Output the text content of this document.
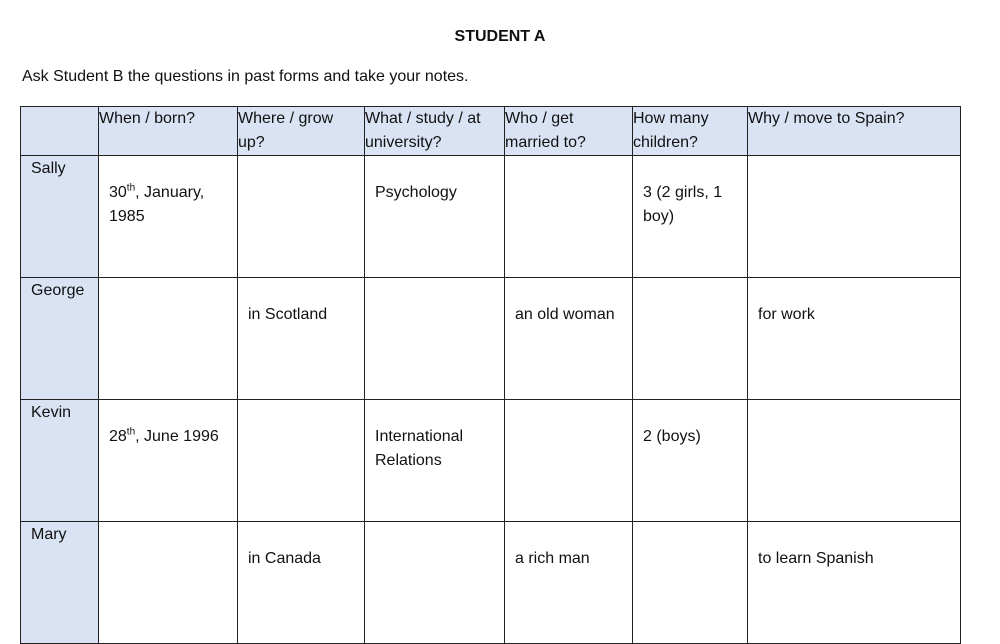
STUDENT A
Ask Student B the questions in past forms and take your notes.
	When / born?	Where / grow up?	What / study / at university?	Who / get married to?	How many children?	Why / move to Spain?
Sally	30th, January, 1985		Psychology		3 (2 girls, 1 boy)	
George		in Scotland		an old woman		for work
Kevin	28th, June 1996		International Relations		2 (boys)	
Mary		in Canada		a rich man		to learn Spanish
